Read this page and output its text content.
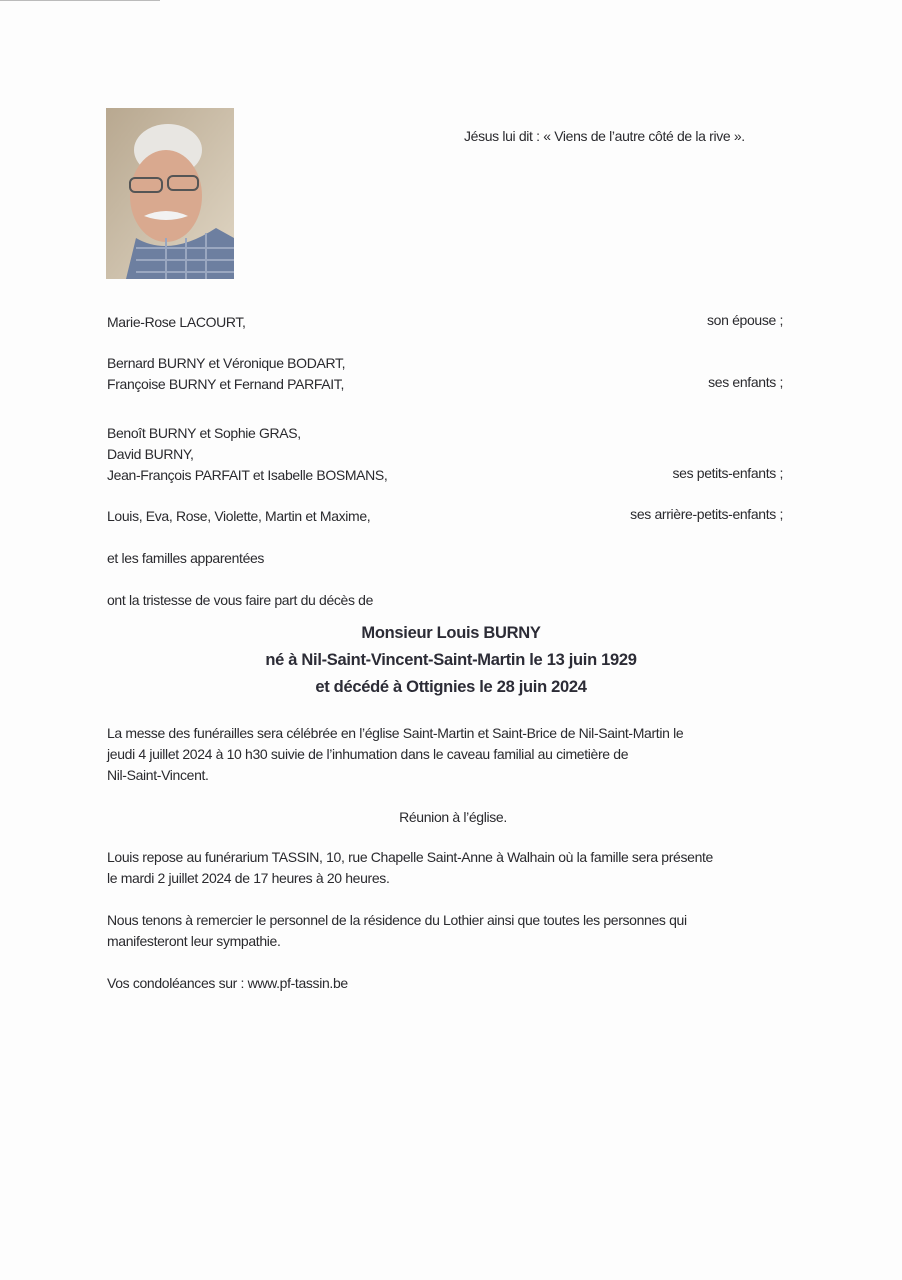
Jésus lui dit : « Viens de l’autre côté de la rive ».
Marie-Rose LACOURT,	son épouse ;
Bernard BURNY et Véronique BODART,
Françoise BURNY et Fernand PARFAIT,	ses enfants ;
Benoît BURNY et Sophie GRAS,
David BURNY,
Jean-François PARFAIT et Isabelle BOSMANS,	ses petits-enfants ;
Louis, Eva, Rose, Violette, Martin et Maxime,	ses arrière-petits-enfants ;
et les familles apparentées
ont la tristesse de vous faire part du décès de
Monsieur Louis BURNY
né à Nil-Saint-Vincent-Saint-Martin le 13 juin 1929
et décédé à Ottignies le 28 juin 2024
La messe des funérailles sera célébrée en l’église Saint-Martin et Saint-Brice de Nil-Saint-Martin le
jeudi 4 juillet 2024 à 10 h30 suivie de l’inhumation dans le caveau familial au cimetière de
Nil-Saint-Vincent.
Réunion à l’église.
Louis repose au funérarium TASSIN, 10, rue Chapelle Saint-Anne à Walhain où la famille sera présente
le mardi 2 juillet 2024 de 17 heures à 20 heures.
Nous tenons à remercier le personnel de la résidence du Lothier ainsi que toutes les personnes qui
manifesteront leur sympathie.
Vos condoléances sur : www.pf-tassin.be
